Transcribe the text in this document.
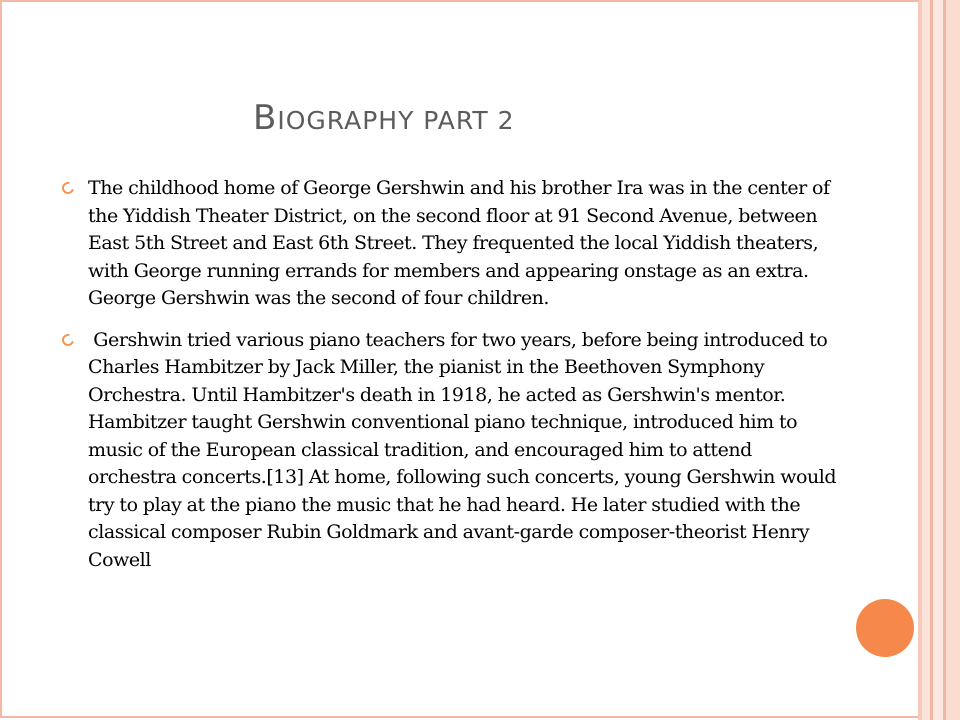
BIOGRAPHY PART 2
The childhood home of George Gershwin and his brother Ira was in the center of the Yiddish Theater District, on the second floor at 91 Second Avenue, between East 5th Street and East 6th Street. They frequented the local Yiddish theaters, with George running errands for members and appearing onstage as an extra. George Gershwin was the second of four children.
Gershwin tried various piano teachers for two years, before being introduced to Charles Hambitzer by Jack Miller, the pianist in the Beethoven Symphony Orchestra. Until Hambitzer's death in 1918, he acted as Gershwin's mentor. Hambitzer taught Gershwin conventional piano technique, introduced him to music of the European classical tradition, and encouraged him to attend orchestra concerts.[13] At home, following such concerts, young Gershwin would try to play at the piano the music that he had heard. He later studied with the classical composer Rubin Goldmark and avant-garde composer-theorist Henry Cowell
